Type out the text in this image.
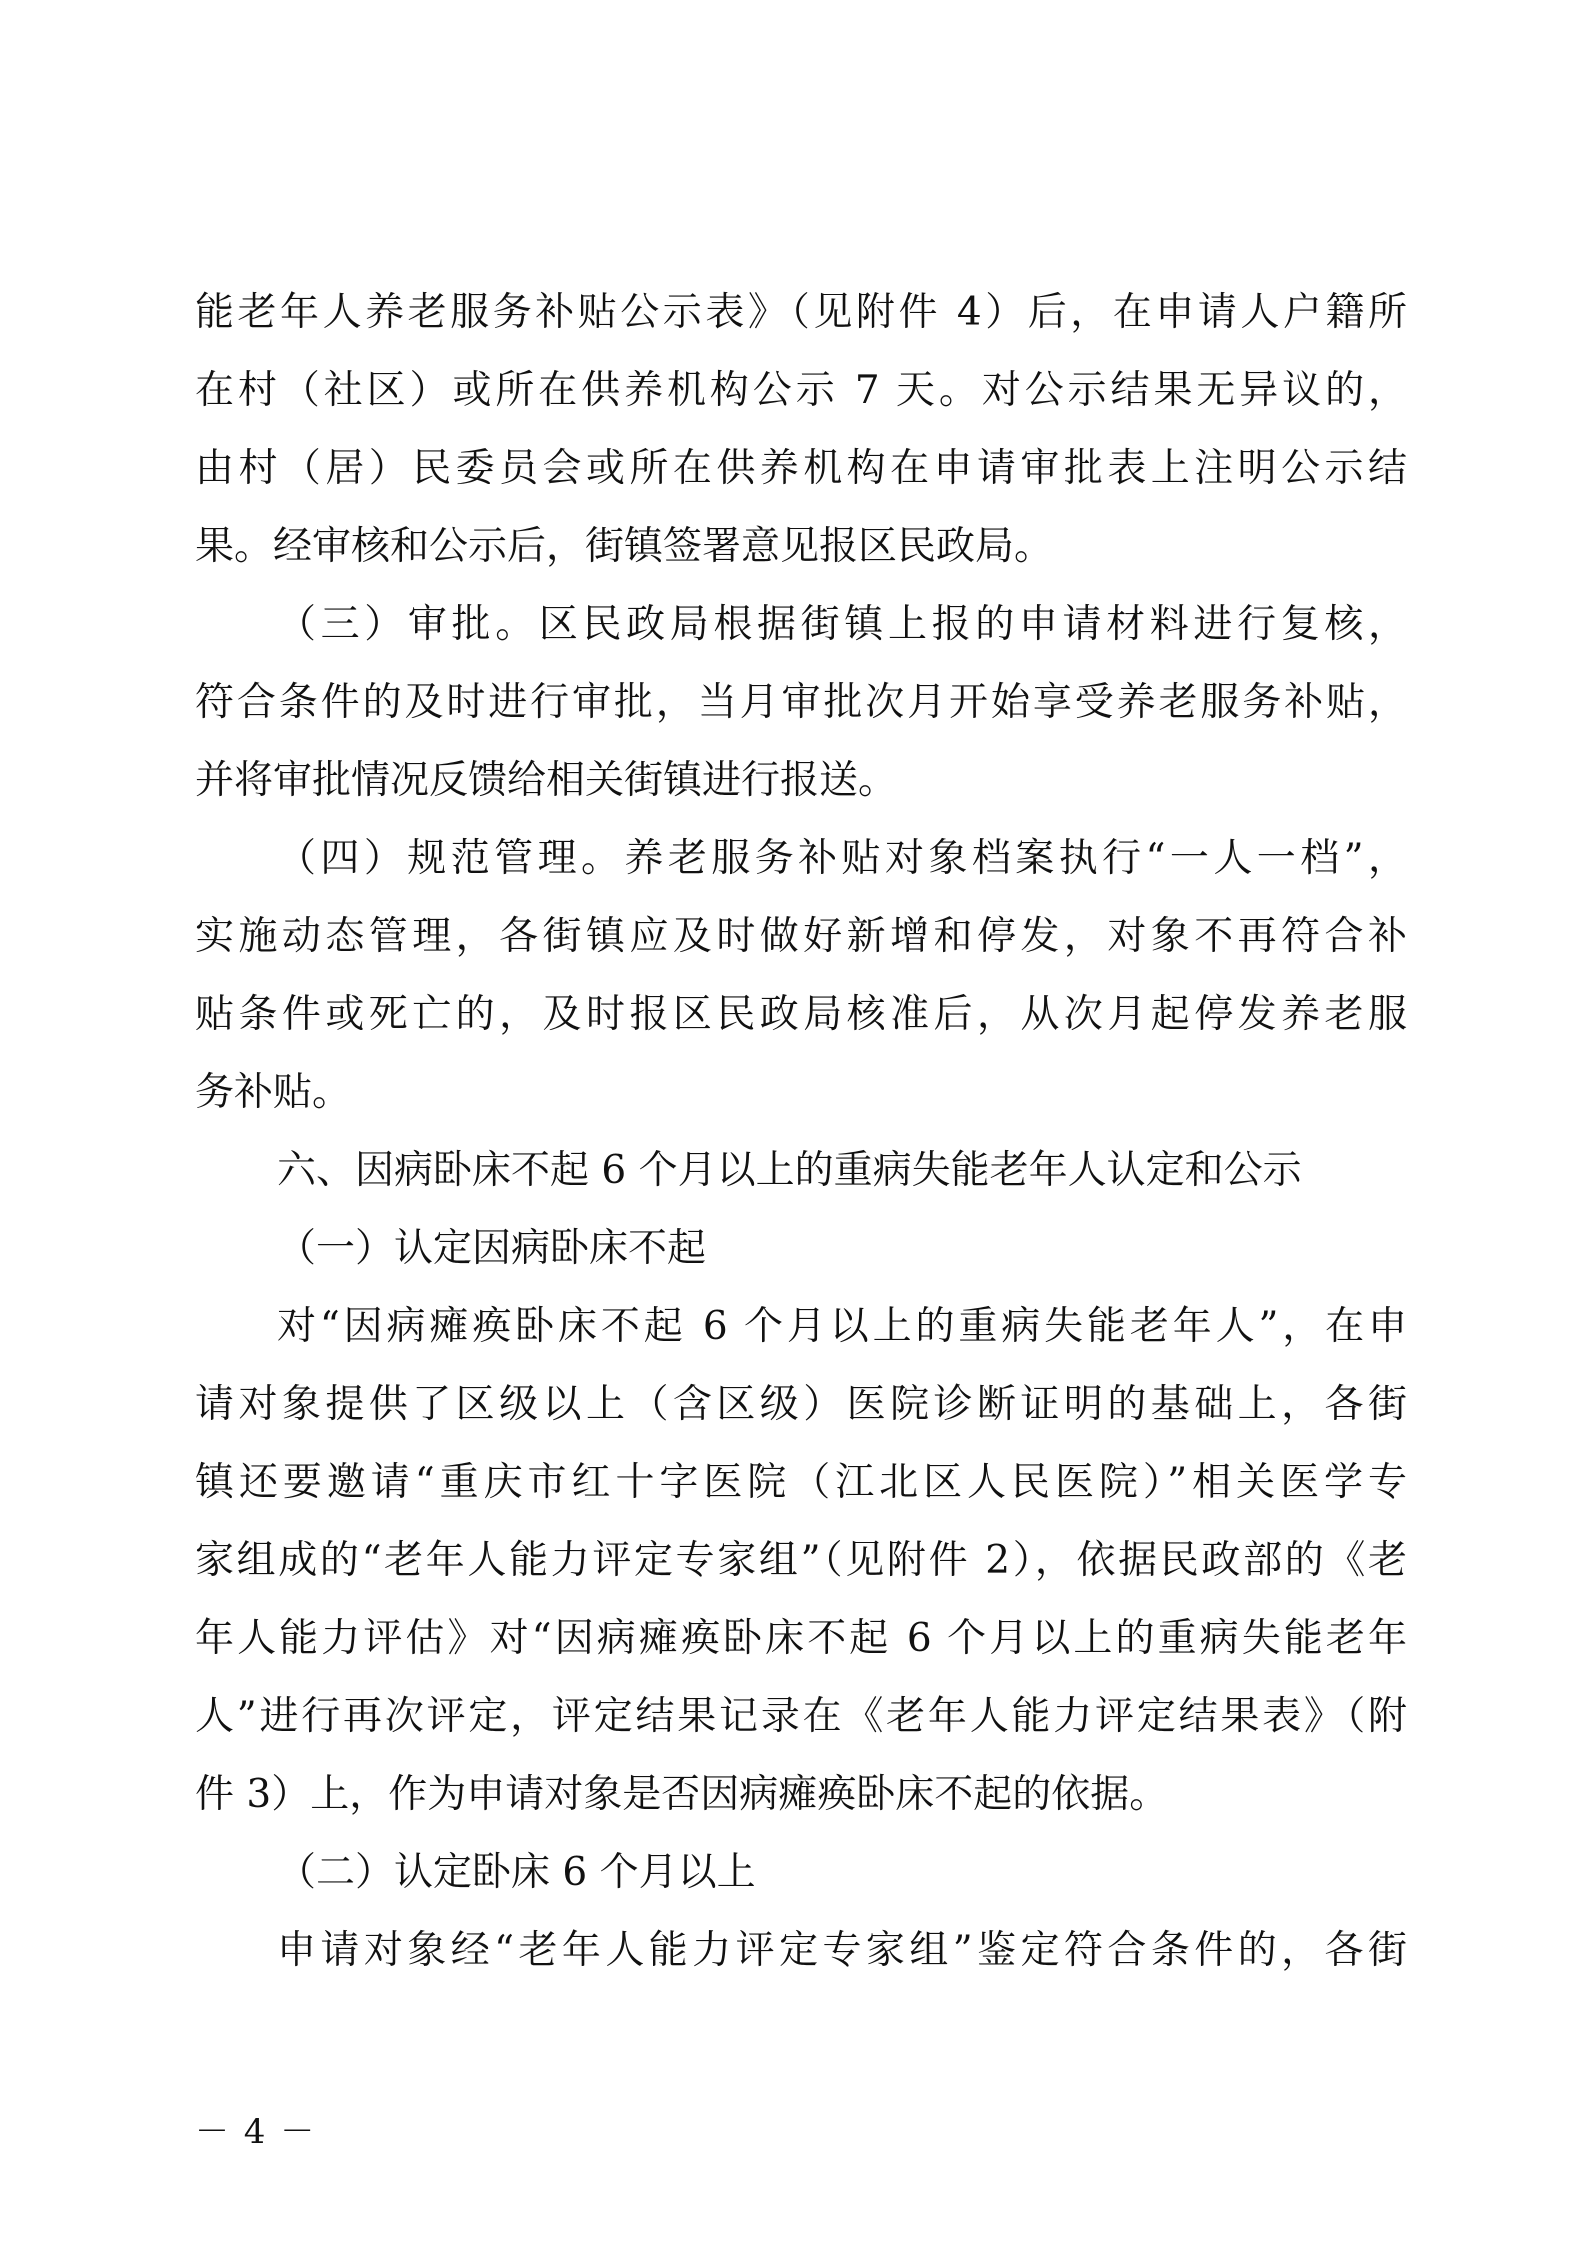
能老年人养老服务补贴公示表》（见附件 4）后，在申请人户籍所
在村（社区）或所在供养机构公示 7 天。对公示结果无异议的，
由村（居）民委员会或所在供养机构在申请审批表上注明公示结
果。经审核和公示后，街镇签署意见报区民政局。
（三）审批。区民政局根据街镇上报的申请材料进行复核，
符合条件的及时进行审批，当月审批次月开始享受养老服务补贴，
并将审批情况反馈给相关街镇进行报送。
（四）规范管理。养老服务补贴对象档案执行“一人一档”，
实施动态管理，各街镇应及时做好新增和停发，对象不再符合补
贴条件或死亡的，及时报区民政局核准后，从次月起停发养老服
务补贴。
六、因病卧床不起 6 个月以上的重病失能老年人认定和公示
（一）认定因病卧床不起
对“因病瘫痪卧床不起 6 个月以上的重病失能老年人”，在申
请对象提供了区级以上（含区级）医院诊断证明的基础上，各街
镇还要邀请“重庆市红十字医院（江北区人民医院）”相关医学专
家组成的“老年人能力评定专家组”（见附件 2），依据民政部的《老
年人能力评估》对“因病瘫痪卧床不起 6 个月以上的重病失能老年
人”进行再次评定，评定结果记录在《老年人能力评定结果表》（附
件 3）上，作为申请对象是否因病瘫痪卧床不起的依据。
（二）认定卧床 6 个月以上
申请对象经“老年人能力评定专家组”鉴定符合条件的，各街
－ 4 －
